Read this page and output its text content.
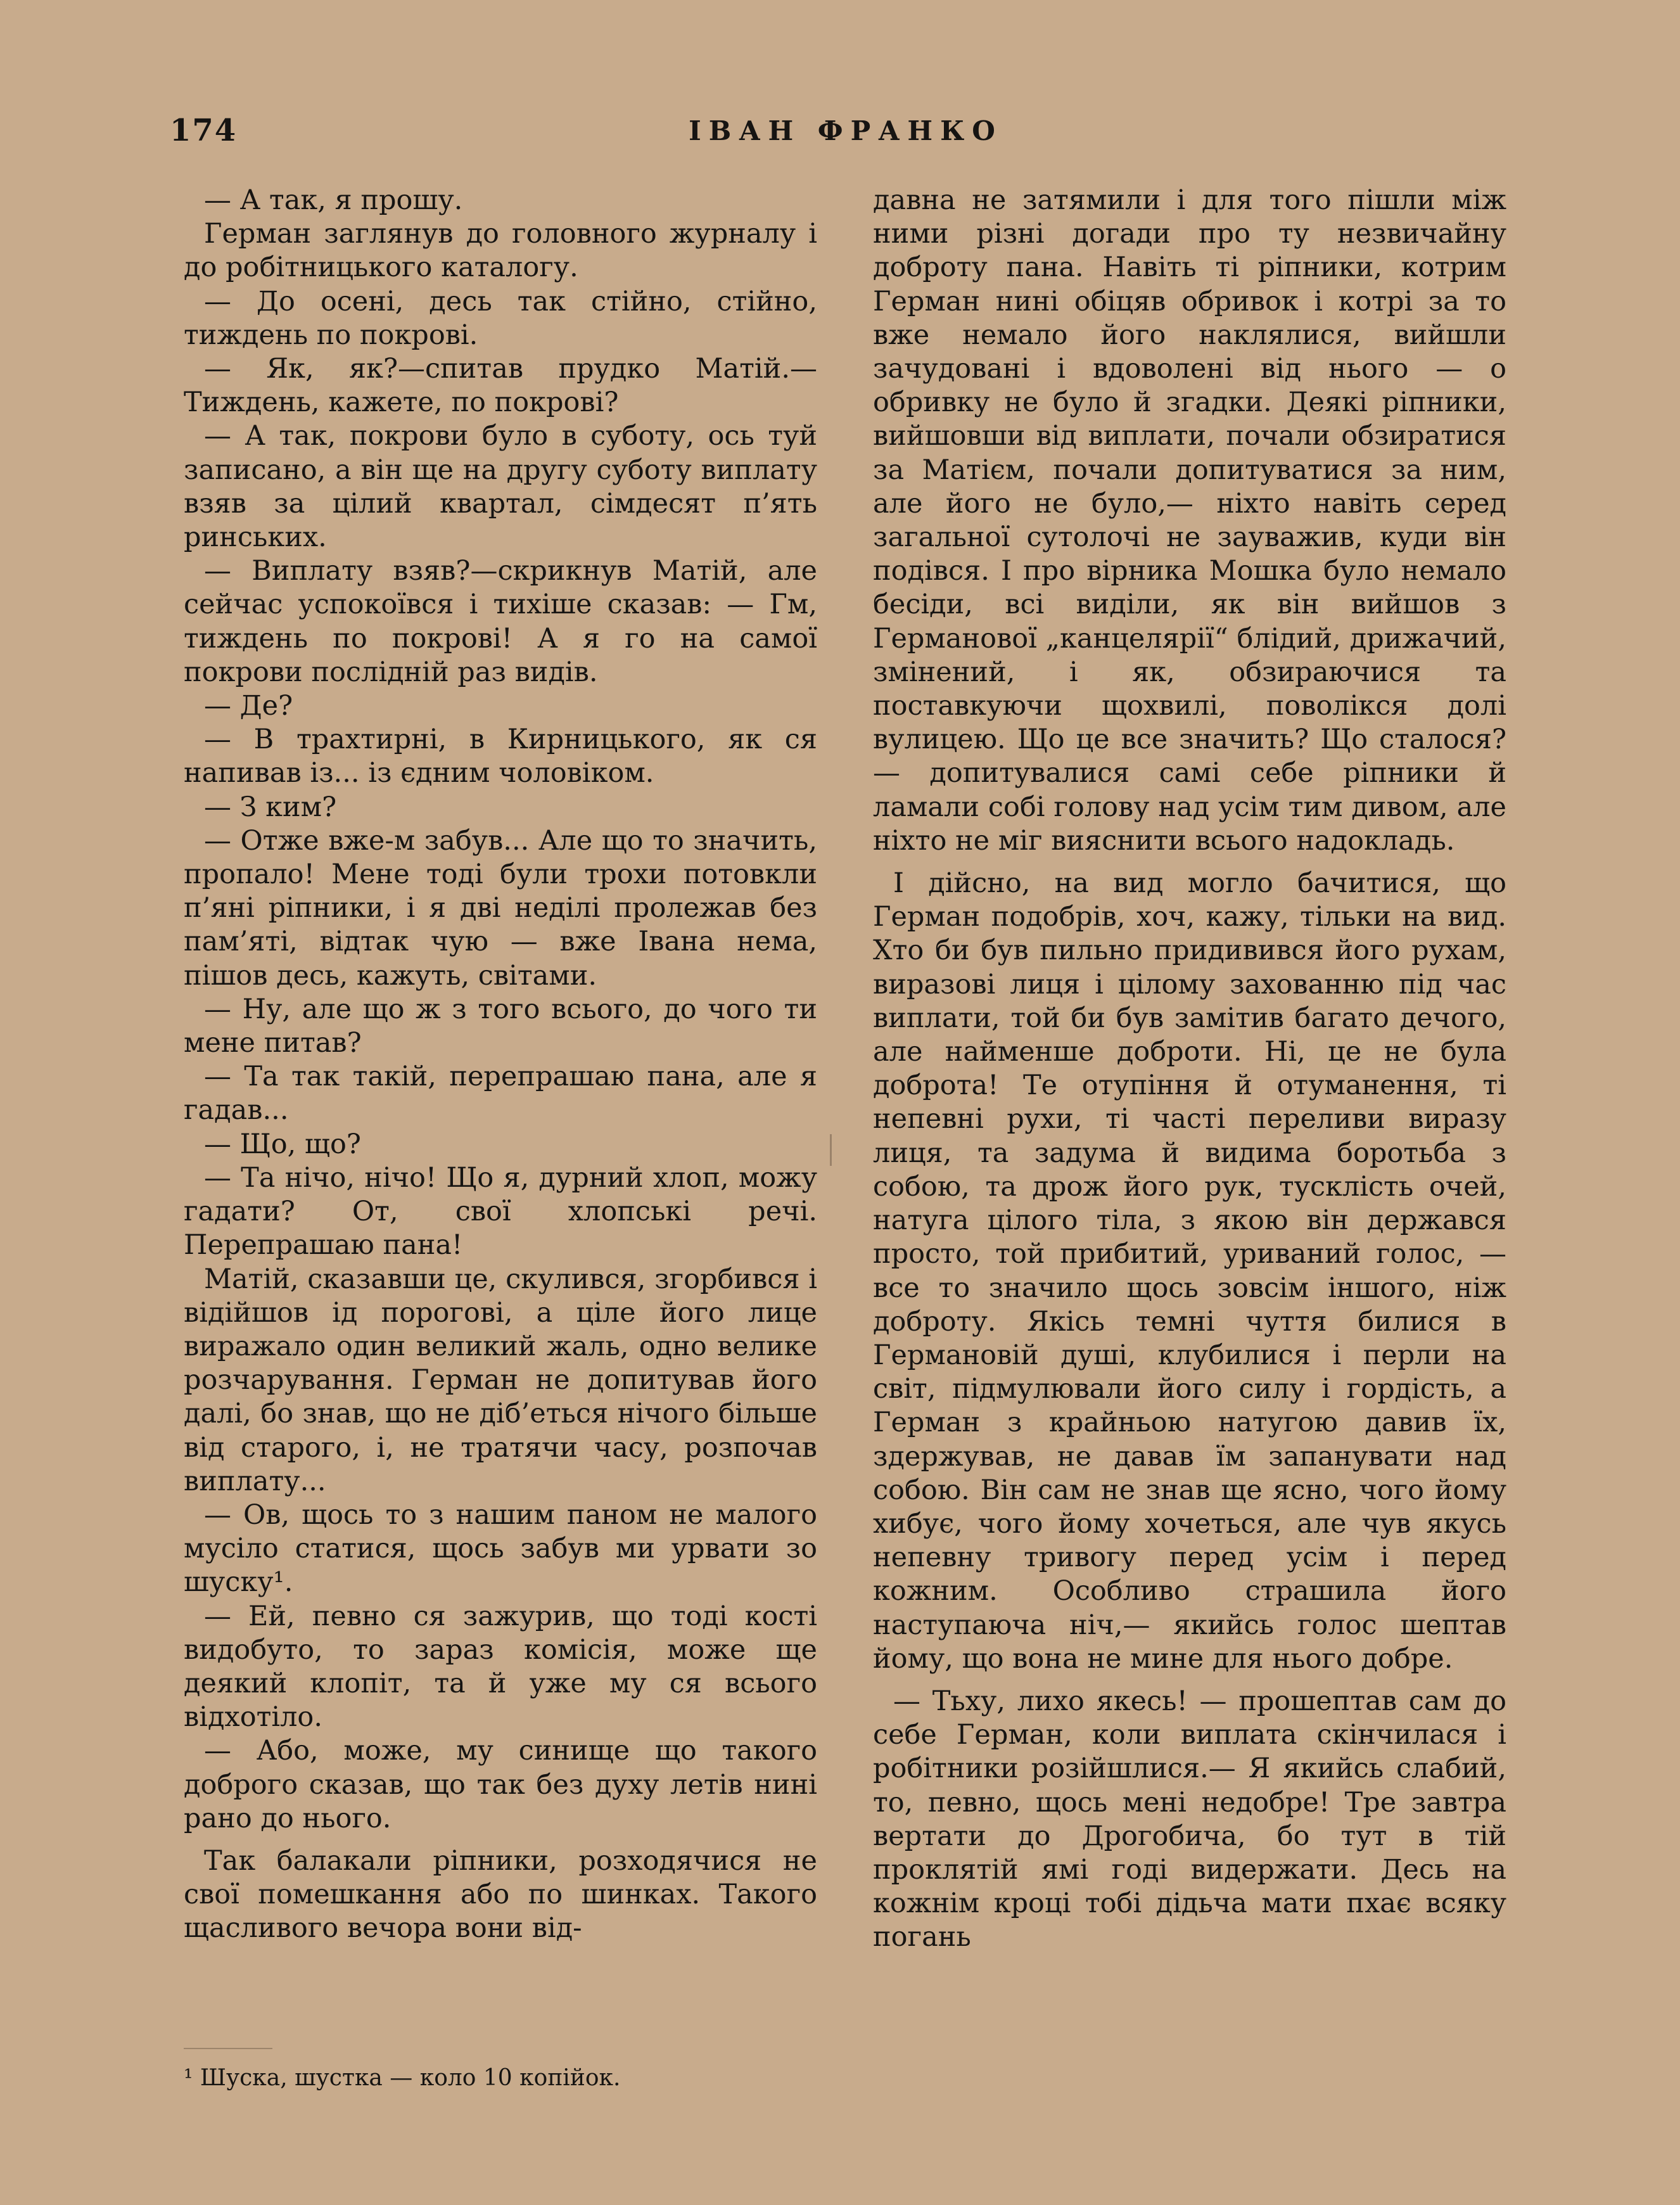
174	ІВАН ФРАНКО

— А так, я прошу.

Герман заглянув до головного журналу і до робітницького каталогу.

— До осені, десь так стійно, стійно, тиждень по покрові.

— Як, як?—спитав прудко Матій.— Тиждень, кажете, по покрові?

— А так, покрови було в суботу, ось туй записано, а він ще на другу суботу виплату взяв за цілий квартал, сімдесят п’ять ринських.

— Виплату взяв?—скрикнув Матій, але сейчас успокоївся і тихіше сказав: — Гм, тиждень по покрові! А я го на самої покрови послідній раз видів.

— Де?

— В трахтирні, в Кирницького, як ся напивав із... із єдним чоловіком.

— З ким?

— Отже вже-м забув... Але що то значить, пропало! Мене тоді були трохи потовкли п’яні ріпники, і я дві неділі пролежав без пам’яті, відтак чую — вже Івана нема, пішов десь, кажуть, світами.

— Ну, але що ж з того всього, до чого ти мене питав?

— Та так такій, перепрашаю пана, але я гадав...

— Що, що?

— Та нічо, нічо! Що я, дурний хлоп, можу гадати? От, свої хлопські речі. Перепрашаю пана!

Матій, сказавши це, скулився, згорбився і відійшов ід порогові, а ціле його лице виражало один великий жаль, одно велике розчарування. Герман не допитував його далі, бо знав, що не діб’еться нічого більше від старого, і, не тратячи часу, розпочав виплату...

— Ов, щось то з нашим паном не малого мусіло статися, щось забув ми урвати зо шуску¹.

— Ей, певно ся зажурив, що тоді кості видобуто, то зараз комісія, може ще деякий клопіт, та й уже му ся всього відхотіло.

— Або, може, му синище що такого доброго сказав, що так без духу летів нині рано до нього.

Так балакали ріпники, розходячися не свої помешкання або по шинках. Такого щасливого вечора вони від-

давна не затямили і для того пішли між ними різні догади про ту незвичайну доброту пана. Навіть ті ріпники, котрим Герман нині обіцяв обривок і котрі за то вже немало його наклялися, вийшли зачудовані і вдоволені від нього — о обривку не було й згадки. Деякі ріпники, вийшовши від виплати, почали обзиратися за Матієм, почали допитуватися за ним, але його не було,— ніхто навіть серед загальної сутолочі не зауважив, куди він подівся. І про вірника Мошка було немало бесіди, всі виділи, як він вийшов з Германової „канцелярії“ блідий, дрижачий, змінений, і як, обзираючися та поставкуючи щохвилі, поволікся долі вулицею. Що це все значить? Що сталося? — допитувалися самі себе ріпники й ламали собі голову над усім тим дивом, але ніхто не міг вияснити всього надокладь.

І дійсно, на вид могло бачитися, що Герман подобрів, хоч, кажу, тільки на вид. Хто би був пильно придивився його рухам, виразові лиця і цілому захованню під час виплати, той би був замітив багато дечого, але найменше доброти. Ні, це не була доброта! Те отупіння й отуманення, ті непевні рухи, ті часті переливи виразу лиця, та задума й видима боротьба з собою, та дрож його рук, тусклість очей, натуга цілого тіла, з якою він держався просто, той прибитий, уриваний голос, — все то значило щось зовсім іншого, ніж доброту. Якісь темні чуття билися в Германовій душі, клубилися і перли на світ, підмулювали його силу і гордість, а Герман з крайньою натугою давив їх, здержував, не давав їм запанувати над собою. Він сам не знав ще ясно, чого йому хибує, чого йому хочеться, але чув якусь непевну тривогу перед усім і перед кожним. Особливо страшила його наступаюча ніч,— якийсь голос шептав йому, що вона не мине для нього добре.

— Тьху, лихо якесь! — прошептав сам до себе Герман, коли виплата скінчилася і робітники розійшлися.— Я якийсь слабий, то, певно, щось мені недобре! Тре завтра вертати до Дрогобича, бо тут в тій проклятій ямі годі видержати. Десь на кожнім кроці тобі дідьча мати пхає всяку погань

¹ Шуска, шустка — коло 10 копійок.
